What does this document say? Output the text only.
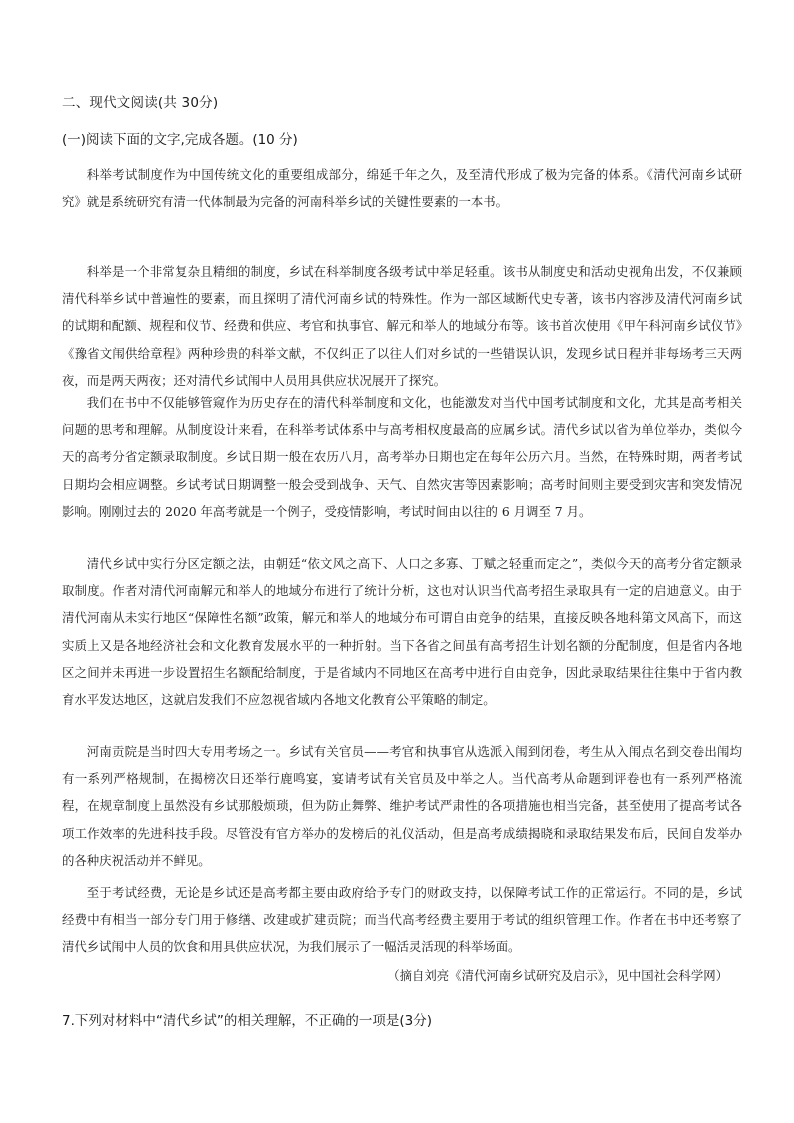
二、现代文阅读(共 30分)
(一)阅读下面的文字,完成各题。(10 分)

科举考试制度作为中国传统文化的重要组成部分，绵延千年之久，及至清代形成了极为完备的体系。《清代河南乡试研究》就是系统研究有清一代体制最为完备的河南科举乡试的关键性要素的一本书。

科举是一个非常复杂且精细的制度，乡试在科举制度各级考试中举足轻重。该书从制度史和活动史视角出发，不仅兼顾清代科举乡试中普遍性的要素，而且探明了清代河南乡试的特殊性。作为一部区域断代史专著，该书内容涉及清代河南乡试的试期和配额、规程和仪节、经费和供应、考官和执事官、解元和举人的地域分布等。该书首次使用《甲午科河南乡试仪节》《豫省文闱供给章程》两种珍贵的科举文献，不仅纠正了以往人们对乡试的一些错误认识，发现乡试日程并非每场考三天两夜，而是两天两夜；还对清代乡试闱中人员用具供应状况展开了探究。

我们在书中不仅能够管窥作为历史存在的清代科举制度和文化，也能激发对当代中国考试制度和文化，尤其是高考相关问题的思考和理解。从制度设计来看，在科举考试体系中与高考相权度最高的应属乡试。清代乡试以省为单位举办，类似今天的高考分省定额录取制度。乡试日期一般在农历八月，高考举办日期也定在每年公历六月。当然，在特殊时期，两者考试日期均会相应调整。乡试考试日期调整一般会受到战争、天气、自然灾害等因素影响；高考时间则主要受到灾害和突发情况影响。刚刚过去的 2020 年高考就是一个例子，受疫情影响，考试时间由以往的 6 月调至 7 月。

清代乡试中实行分区定额之法，由朝廷“依文风之高下、人口之多寡、丁赋之轻重而定之”，类似今天的高考分省定额录取制度。作者对清代河南解元和举人的地域分布进行了统计分析，这也对认识当代高考招生录取具有一定的启迪意义。由于清代河南从未实行地区“保障性名额”政策，解元和举人的地域分布可谓自由竞争的结果，直接反映各地科第文风高下，而这实质上又是各地经济社会和文化教育发展水平的一种折射。当下各省之间虽有高考招生计划名额的分配制度，但是省内各地区之间并未再进一步设置招生名额配给制度，于是省域内不同地区在高考中进行自由竞争，因此录取结果往往集中于省内教育水平发达地区，这就启发我们不应忽视省域内各地文化教育公平策略的制定。

河南贡院是当时四大专用考场之一。乡试有关官员——考官和执事官从选派入闱到闭卷，考生从入闱点名到交卷出闱均有一系列严格规制，在揭榜次日还举行鹿鸣宴，宴请考试有关官员及中举之人。当代高考从命题到评卷也有一系列严格流程，在规章制度上虽然没有乡试那般烦琐，但为防止舞弊、维护考试严肃性的各项措施也相当完备，甚至使用了提高考试各项工作效率的先进科技手段。尽管没有官方举办的发榜后的礼仪活动，但是高考成绩揭晓和录取结果发布后，民间自发举办的各种庆祝活动并不鲜见。

至于考试经费，无论是乡试还是高考都主要由政府给予专门的财政支持，以保障考试工作的正常运行。不同的是，乡试经费中有相当一部分专门用于修缮、改建或扩建贡院；而当代高考经费主要用于考试的组织管理工作。作者在书中还考察了清代乡试闱中人员的饮食和用具供应状况，为我们展示了一幅活灵活现的科举场面。

（摘自刘亮《清代河南乡试研究及启示》，见中国社会科学网）
7.下列对材料中“清代乡试”的相关理解，不正确的一项是(3分)
